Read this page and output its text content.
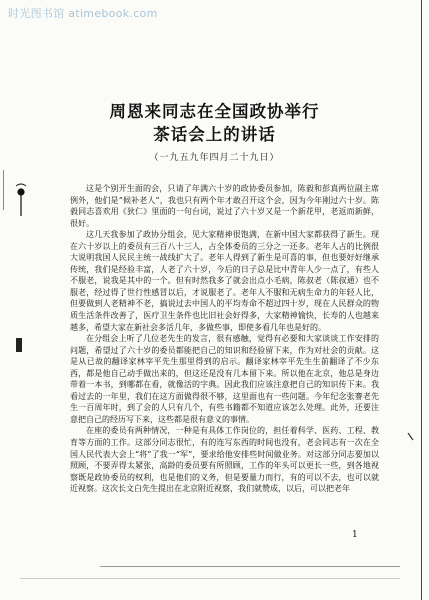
时光图书馆 atimebook.com
周恩来同志在全国政协举行
茶话会上的讲话
（一九五九年四月二十九日）

这是个别开生面的会，只请了年满六十岁的政协委员参加，陈毅和彭真两位副主席例外，他们是“候补老人”，我也只有两个年才敢召开这个会，因为今年刚过六十岁。陈毅同志喜欢用《狄仁》里面的一句台词，说过了六十岁又是一个新花甲，老返而新鲜，很好。

这几天我参加了政协分组会，见大家精神很饱满，在新中国大家都获得了新生。现在六十岁以上的委员有三百八十三人，占全体委员的三分之一还多。老年人占的比例很大说明我国人民民主统一战线扩大了。老年人得到了新生是可喜的事，但也要好好继承传统，我们是经验丰富，人老了六十岁，今后的日子总是比中青年人少一点了，有些人不服老，说我是其中的一个。但有时然我多了就会出点小毛病，陈叔老（陈叔通）也不服老，经过得了世行性感冒以后，才说服老了。老年人不服和无病生命力的年轻人比，但要做到人老精神不老，搞说过去中国人的平均寿命不超过四十岁，现在人民群众的物质生活条件改善了，医疗卫生条件也比旧社会好得多，大家精神愉快，长寿的人也越来越多，希望大家在新社会多活几年，多做些事，即使多看几年也是好的。

在分组会上听了几位老先生的发言，很有感触，觉得有必要和大家谈谈工作安排的问题，希望过了六十岁的委员都能把自己的知识和经验留下来，作为对社会的贡献。这是从已故的翻译家林宰平先生那里得到的启示。翻译家林宰平先生生前翻译了不少东西，都是他自己动手做出来的，但这还是没有几本留下来。所以他在北京，他总是身边带着一本书，到哪都在看，就像活的字典。因此我们应该注意把自己的知识传下来。我看过去的一年里，我们在这方面做得很不够，这里面也有一些问题。今年纪念张謇老先生一百周年时，到了会的人只有几个，有些书籍都不知道应该怎么处理。此外，还要注意把自己的经历写下来，这些都是很有意义的事情。

在座的委员有两种情况，一种是有具体工作岗位的，担任着科学、医药、工程、教育等方面的工作。这部分同志很忙，有的连写东西的时间也没有，老会同志有一次在全国人民代表大会上“将”了我一“军”，要求给他安排些时间做业务。对这部分同志要加以照顾，不要弄得太紧张，高龄的委员要有所照顾，工作的年头可以更长一些，到各地视察既是政协委员的权利，也是他们的义务，但是要量力而行，有的可以不去，也可以就近视察。这次长文白先生提出在北京附近视察，我们就赞成，以后，可以把老年

1
